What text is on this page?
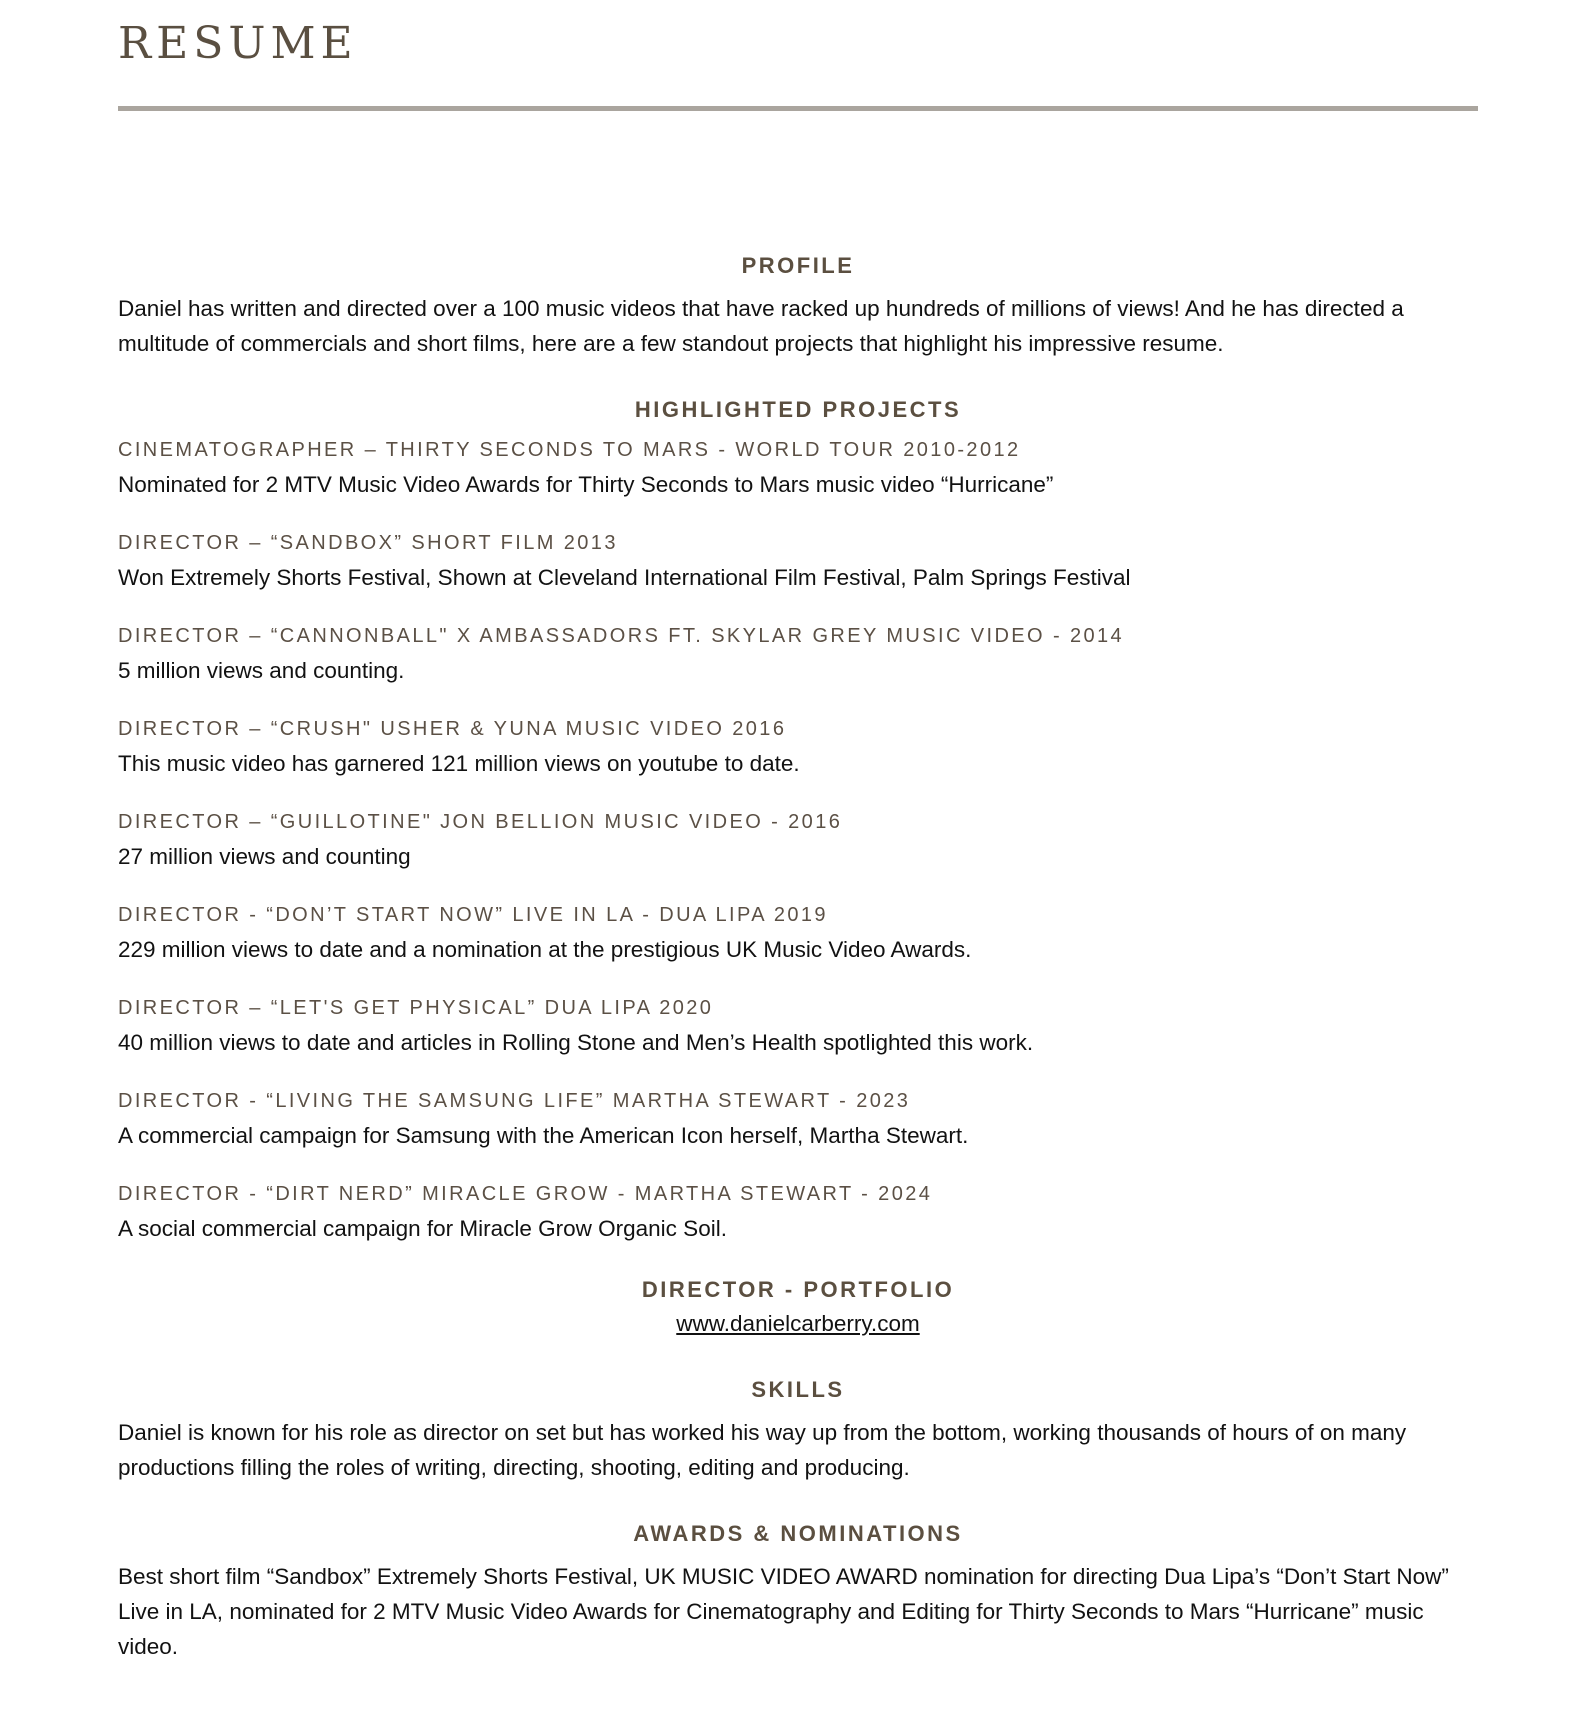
RESUME
PROFILE

Daniel has written and directed over a 100 music videos that have racked up hundreds of millions of views! And he has directed a multitude of commercials and short films, here are a few standout projects that highlight his impressive resume.

HIGHLIGHTED PROJECTS
CINEMATOGRAPHER – THIRTY SECONDS TO MARS - WORLD TOUR 2010-2012
Nominated for 2 MTV Music Video Awards for Thirty Seconds to Mars music video “Hurricane”
DIRECTOR – “SANDBOX” SHORT FILM 2013
Won Extremely Shorts Festival, Shown at Cleveland International Film Festival, Palm Springs Festival
DIRECTOR – “CANNONBALL" X AMBASSADORS FT. SKYLAR GREY MUSIC VIDEO - 2014
5 million views and counting.
DIRECTOR – “CRUSH" USHER & YUNA MUSIC VIDEO 2016
This music video has garnered 121 million views on youtube to date.
DIRECTOR – “GUILLOTINE" JON BELLION MUSIC VIDEO - 2016
27 million views and counting
DIRECTOR - “DON’T START NOW” LIVE IN LA - DUA LIPA 2019
229 million views to date and a nomination at the prestigious UK Music Video Awards.
DIRECTOR – “LET'S GET PHYSICAL” DUA LIPA 2020
40 million views to date and articles in Rolling Stone and Men’s Health spotlighted this work.
DIRECTOR - “LIVING THE SAMSUNG LIFE” MARTHA STEWART - 2023
A commercial campaign for Samsung with the American Icon herself, Martha Stewart.
DIRECTOR - “DIRT NERD” MIRACLE GROW - MARTHA STEWART - 2024
A social commercial campaign for Miracle Grow Organic Soil.
DIRECTOR - PORTFOLIO
www.danielcarberry.com
SKILLS

Daniel is known for his role as director on set but has worked his way up from the bottom, working thousands of hours of on many productions filling the roles of writing, directing, shooting, editing and producing.

AWARDS & NOMINATIONS

Best short film “Sandbox” Extremely Shorts Festival, UK MUSIC VIDEO AWARD nomination for directing Dua Lipa’s “Don’t Start Now” Live in LA, nominated for 2 MTV Music Video Awards for Cinematography and Editing for Thirty Seconds to Mars “Hurricane” music video.
